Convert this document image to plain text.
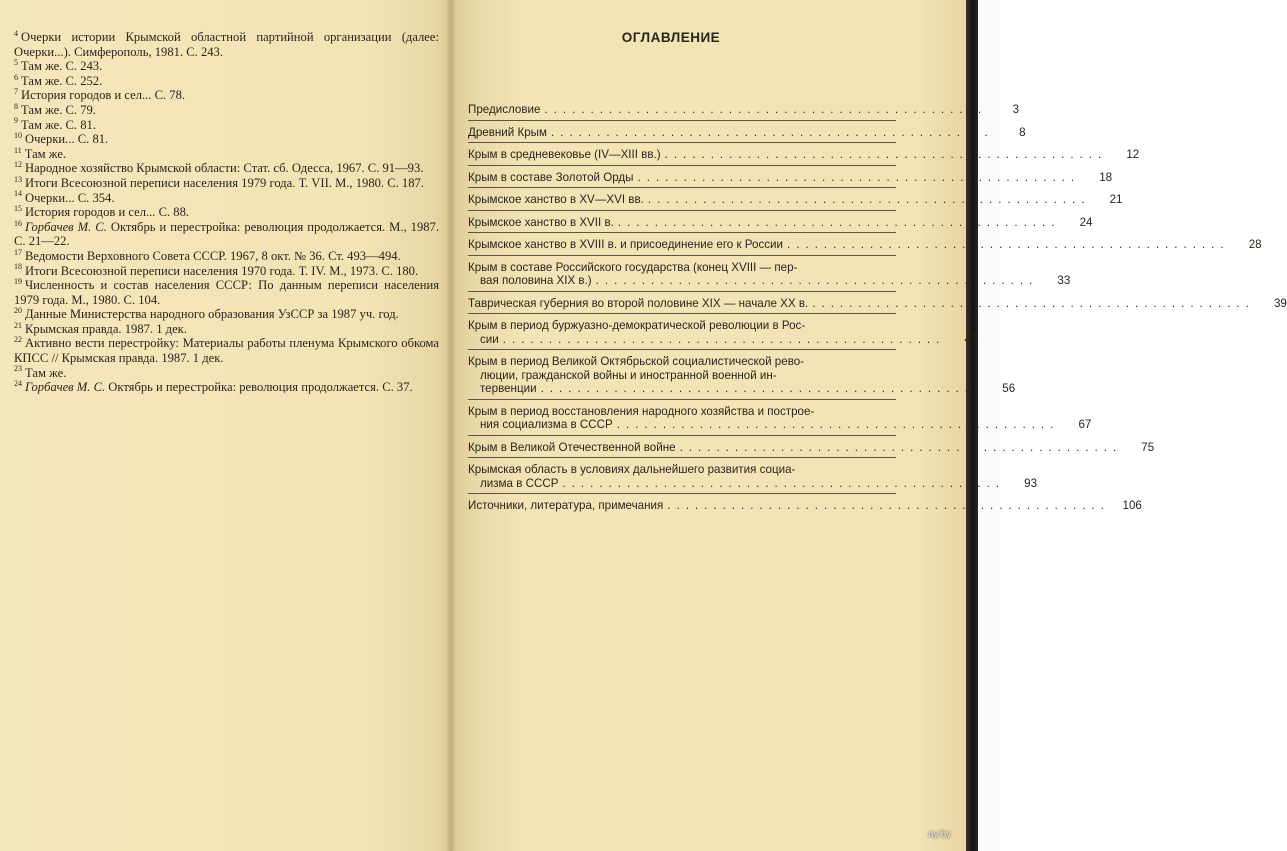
$^4$ Очерки истории Крымской областной партийной организации (далее: Очерки...). Симферополь, 1981. С. 243.

$^5$ Там же. С. 243.

$^6$ Там же. С. 252.

$^7$ История городов и сел... С. 78.

$^8$ Там же. С. 79.

$^9$ Там же. С. 81.

$^{10}$ Очерки... С. 81.

$^{11}$ Там же.

$^{12}$ Народное хозяйство Крымской области: Стат. сб. Одесса, 1967. С. 91—93.

$^{13}$ Итоги Всесоюзной переписи населения 1979 года. Т. VII. М., 1980. С. 187.

$^{14}$ Очерки... С. 354.

$^{15}$ История городов и сел... С. 88.

$^{16}$ Горбачев М. С. Октябрь и перестройка: революция продолжается. М., 1987. С. 21—22.

$^{17}$ Ведомости Верховного Совета СССР. 1967, 8 окт. № 36. Ст. 493—494.

$^{18}$ Итоги Всесоюзной переписи населения 1970 года. Т. IV. М., 1973. С. 180.

$^{19}$ Численность и состав населения СССР: По данным переписи населения 1979 года. М., 1980. С. 104.

$^{20}$ Данные Министерства народного образования УзССР за 1987 уч. год.

$^{21}$ Крымская правда. 1987. 1 дек.

$^{22}$ Активно вести перестройку: Материалы работы пленума Крымского обкома КПСС // Крымская правда. 1987. 1 дек.

$^{23}$ Там же.

$^{24}$ Горбачев М. С. Октябрь и перестройка: революция продолжается. С. 37.

ОГЛАВЛЕНИЕ
Предисловие ................................................	3
Древний Крым ................................................	8
Крым в средневековье (IV—XIII вв.) ................................................	12
Крым в составе Золотой Орды ................................................	18
Крымское ханство в XV—XVI вв. ................................................	21
Крымское ханство в XVII в. ................................................	24
Крымское ханство в XVIII в. и присоединение его к России ................................................	28
Крым в составе Российского государства (конец XVIII — пер-
вая половина XIX в.) ................................................	33
Таврическая губерния во второй половине XIX — начале XX в. ................................................	39
Крым в период буржуазно-демократической революции в Рос-
сии ................................................	47
Крым в период Великой Октябрьской социалистической рево-
люции, гражданской войны и иностранной военной ин-
тервенции ................................................	56
Крым в период восстановления народного хозяйства и построе-
ния социализма в СССР ................................................	67
Крым в Великой Отечественной войне ................................................	75
Крымская область в условиях дальнейшего развития социа-
лизма в СССР ................................................	93
Источники, литература, примечания ................................................	106
ay.by
